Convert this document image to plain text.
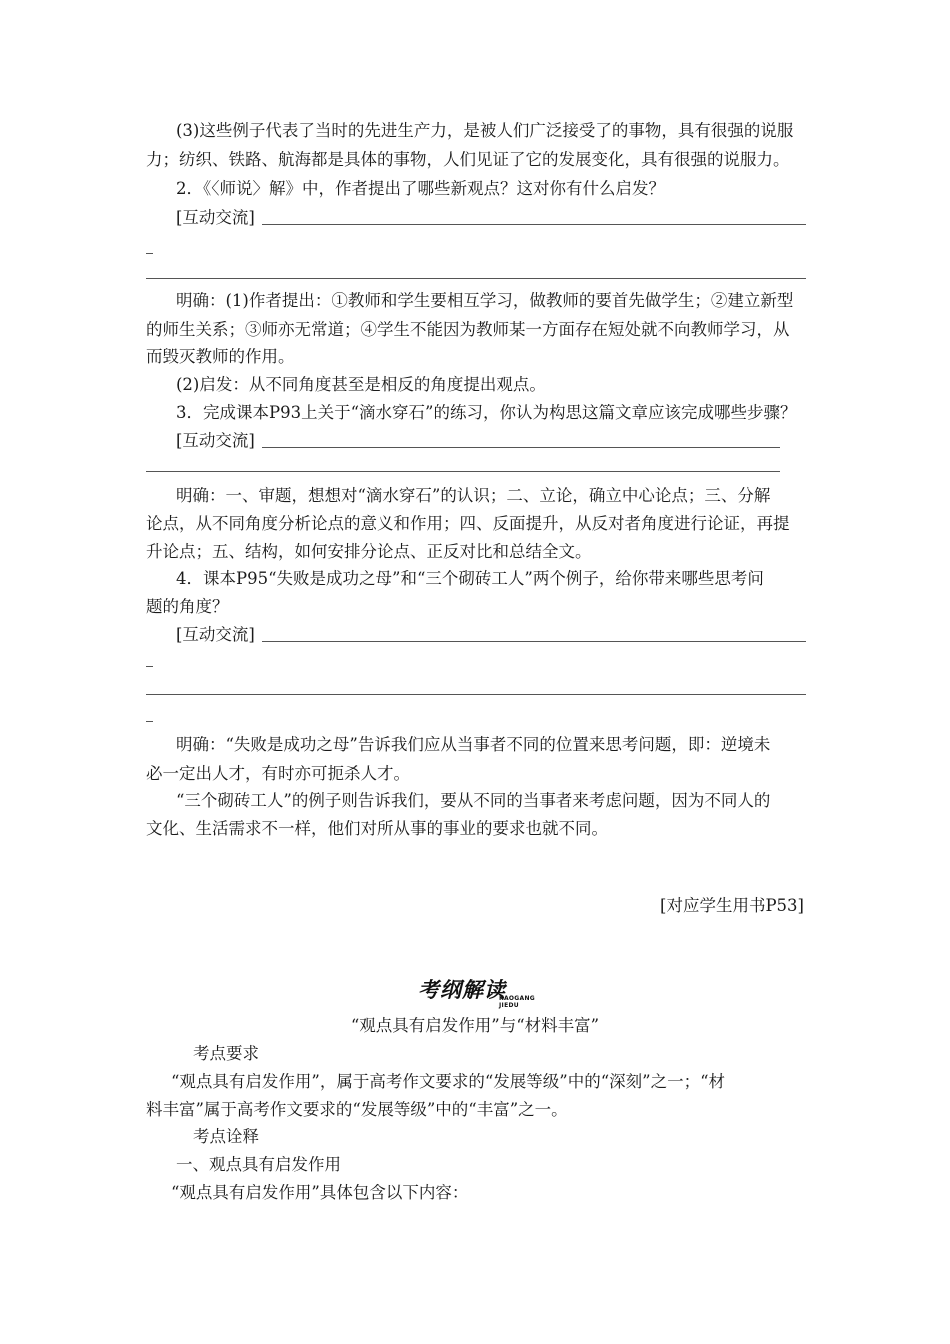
(3)这些例子代表了当时的先进生产力，是被人们广泛接受了的事物，具有很强的说服
力；纺织、铁路、航海都是具体的事物，人们见证了它的发展变化，具有很强的说服力。
2．《〈师说〉解》中，作者提出了哪些新观点？这对你有什么启发？
[互动交流]
明确：(1)作者提出：①教师和学生要相互学习，做教师的要首先做学生；②建立新型
的师生关系；③师亦无常道；④学生不能因为教师某一方面存在短处就不向教师学习，从
而毁灭教师的作用。
(2)启发：从不同角度甚至是相反的角度提出观点。
3．完成课本P93上关于“滴水穿石”的练习，你认为构思这篇文章应该完成哪些步骤？
[互动交流]
明确：一、审题，想想对“滴水穿石”的认识；二、立论，确立中心论点；三、分解
论点，从不同角度分析论点的意义和作用；四、反面提升，从反对者角度进行论证，再提
升论点；五、结构，如何安排分论点、正反对比和总结全文。
4．课本P95“失败是成功之母”和“三个砌砖工人”两个例子，给你带来哪些思考问
题的角度？
[互动交流]
明确：“失败是成功之母”告诉我们应从当事者不同的位置来思考问题，即：逆境未
必一定出人才，有时亦可扼杀人才。
“三个砌砖工人”的例子则告诉我们，要从不同的当事者来考虑问题，因为不同人的
文化、生活需求不一样，他们对所从事的事业的要求也就不同。
[对应学生用书P53]
考纲解读
KAOGANG JIEDU
“观点具有启发作用”与“材料丰富”
考点要求
“观点具有启发作用”，属于高考作文要求的“发展等级”中的“深刻”之一；“材
料丰富”属于高考作文要求的“发展等级”中的“丰富”之一。
考点诠释
一、观点具有启发作用
“观点具有启发作用”具体包含以下内容：
